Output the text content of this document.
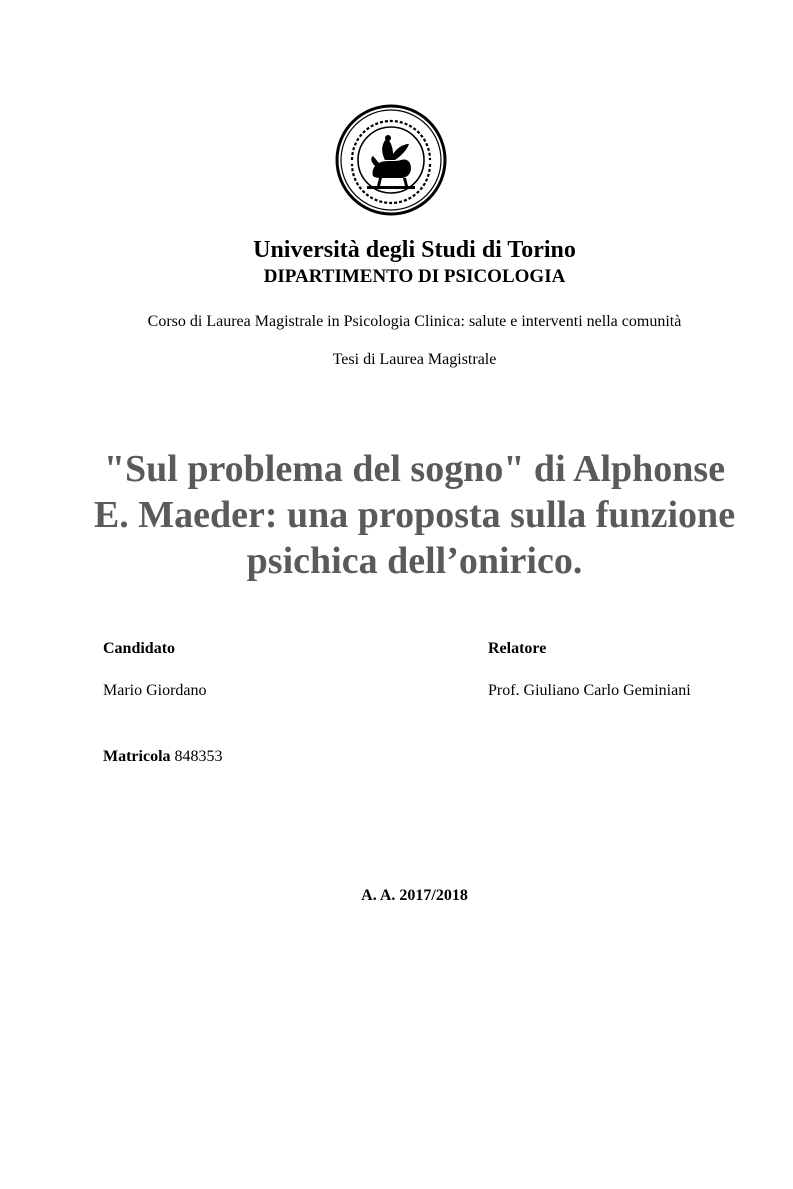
Università degli Studi di Torino
DIPARTIMENTO DI PSICOLOGIA
Corso di Laurea Magistrale in Psicologia Clinica: salute e interventi nella comunità
Tesi di Laurea Magistrale
"Sul problema del sogno" di Alphonse
E. Maeder: una proposta sulla funzione
psichica dell’onirico.
Candidato
Mario Giordano
Relatore
Prof. Giuliano Carlo Geminiani
Matricola 848353
A. A. 2017/2018
